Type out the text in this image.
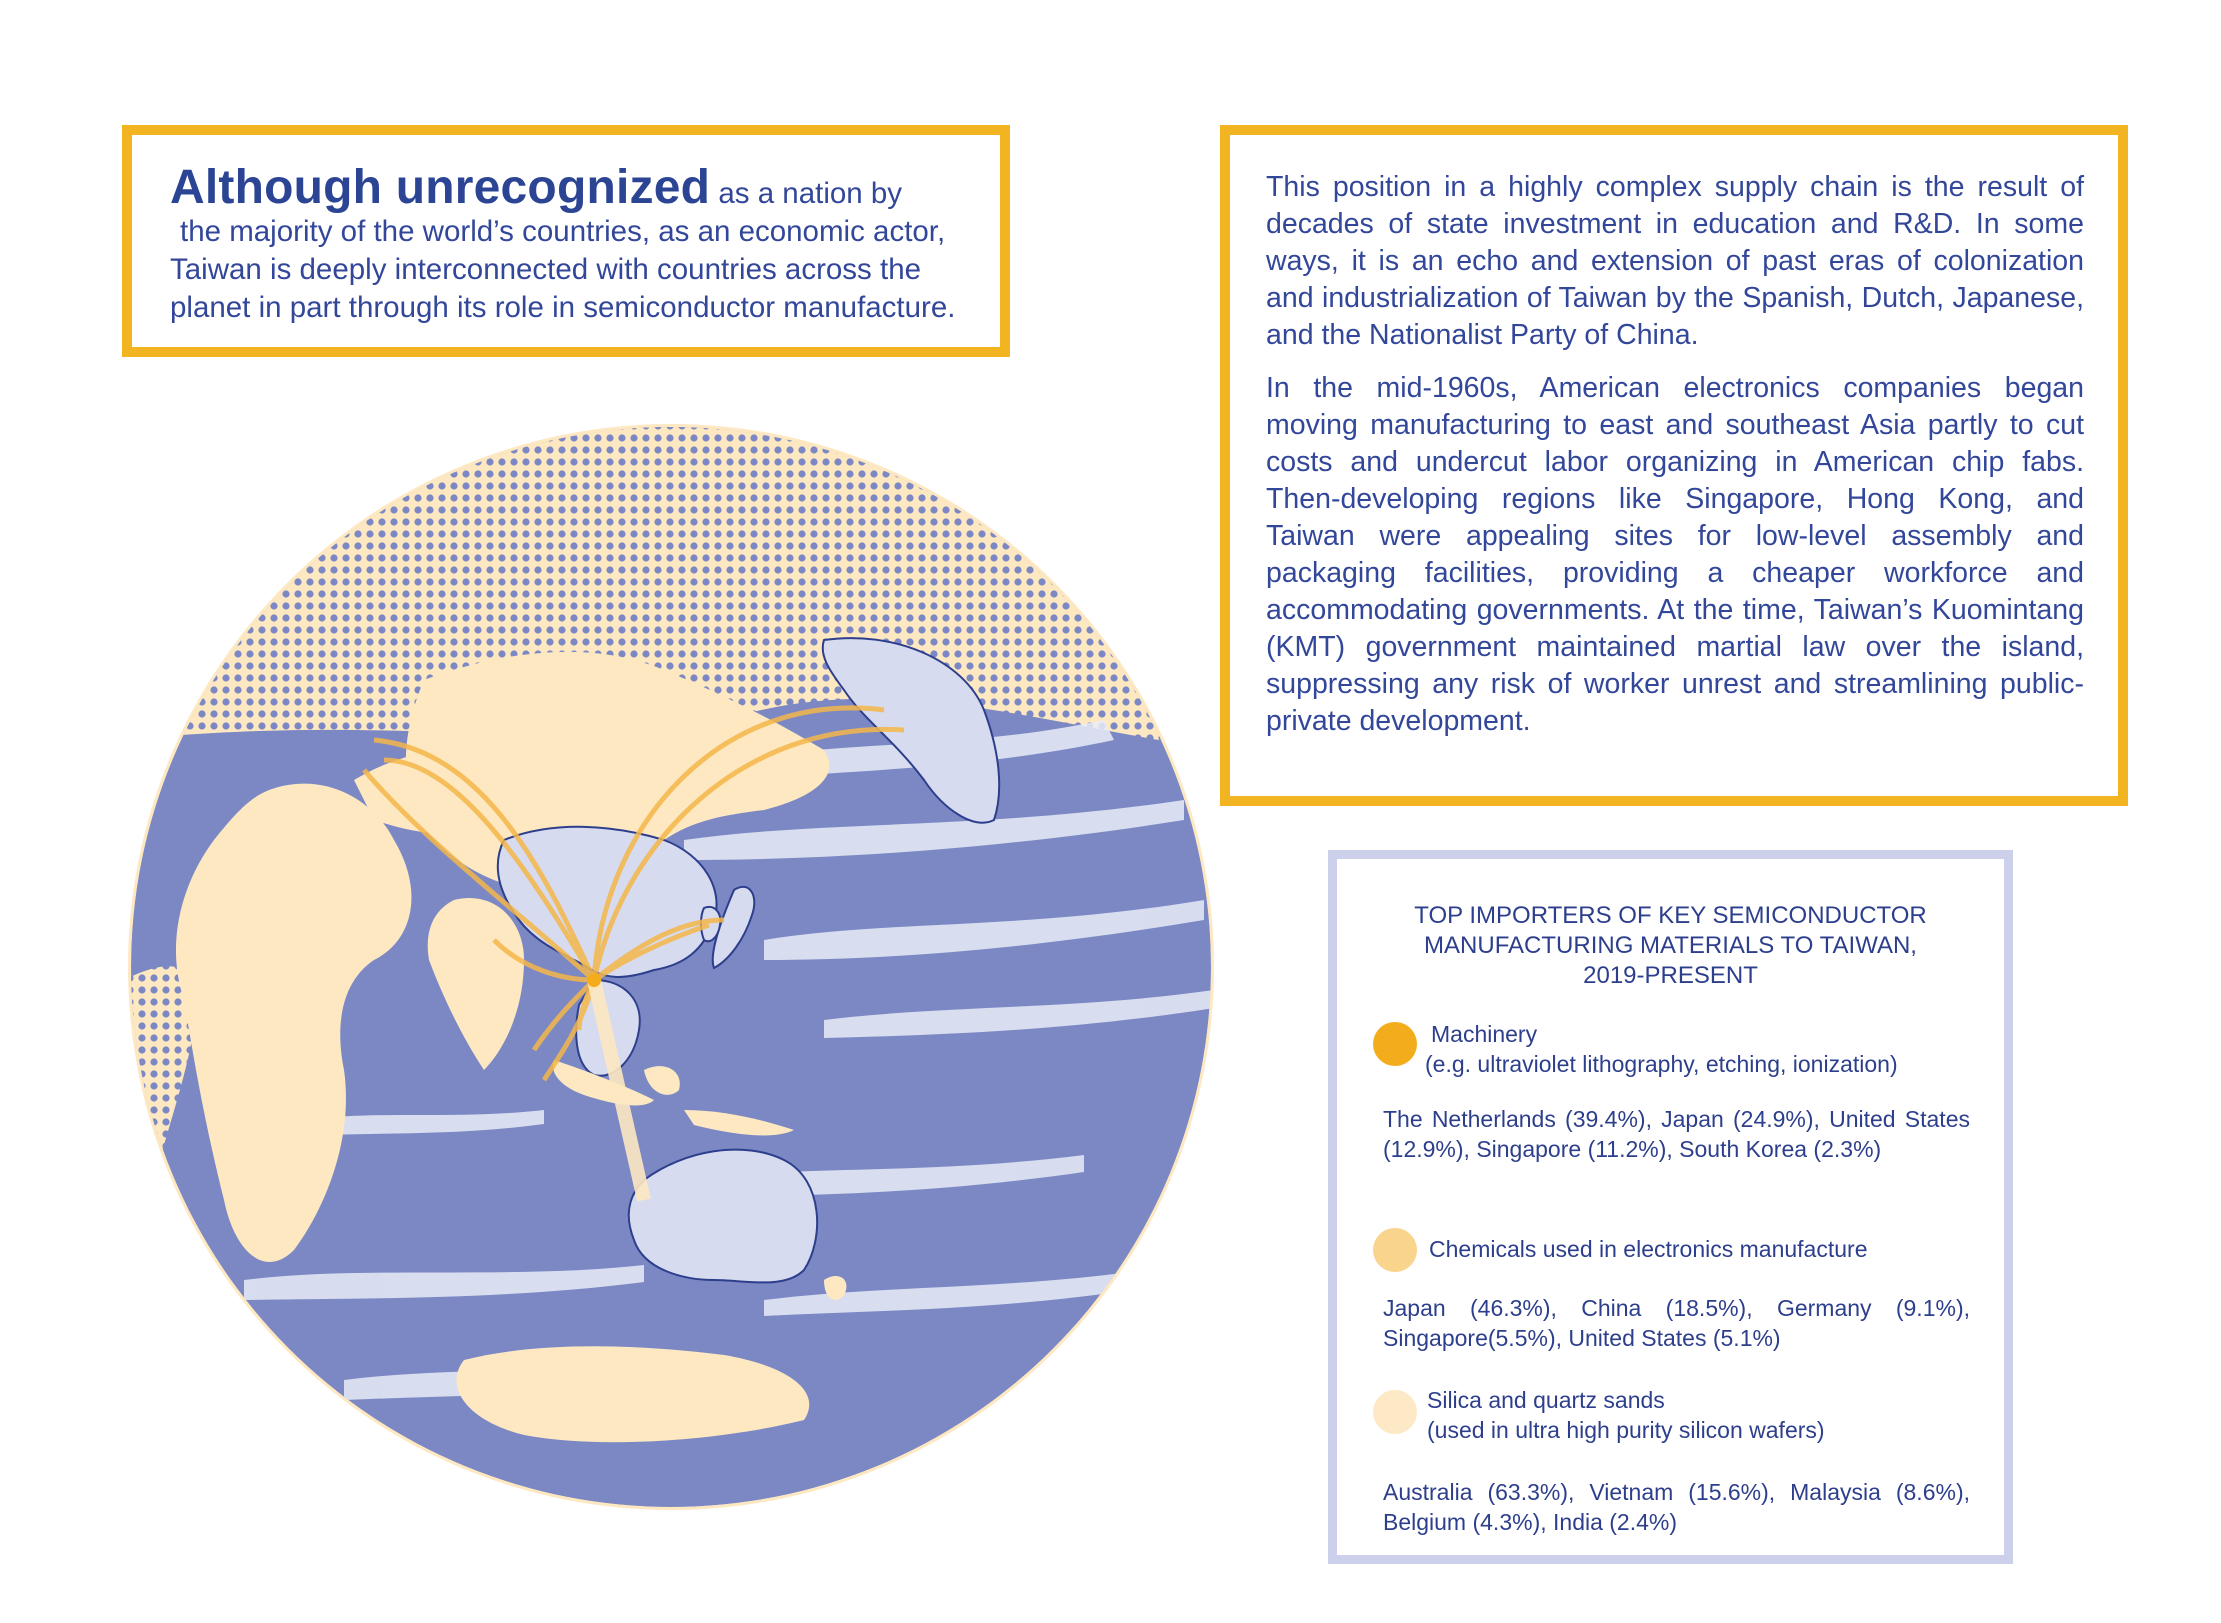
Although unrecognized as a nation by
the majority of the world’s countries, as an economic actor,
Taiwan is deeply interconnected with countries across the
planet in part through its role in semiconductor manufacture.

This position in a highly complex supply chain is the result of decades of state investment in education and R&D. In some ways, it is an echo and extension of past eras of colonization and industrialization of Taiwan by the Spanish, Dutch, Japanese, and the Nationalist Party of China.

In the mid-1960s, American electronics companies began moving manufacturing to east and southeast Asia partly to cut costs and undercut labor organizing in American chip fabs. Then-developing regions like Singapore, Hong Kong, and Taiwan were appealing sites for low-level assembly and packaging facilities, providing a cheaper workforce and accommodating governments. At the time, Taiwan’s Kuomintang (KMT) government maintained martial law over the island, suppressing any risk of worker unrest and streamlining public-private development.

TOP IMPORTERS OF KEY SEMICONDUCTOR
MANUFACTURING MATERIALS TO TAIWAN,
2019-PRESENT
Machinery
(e.g. ultraviolet lithography, etching, ionization)
The Netherlands (39.4%), Japan (24.9%), United States (12.9%), Singapore (11.2%), South Korea (2.3%)
Chemicals used in electronics manufacture
Japan (46.3%), China (18.5%), Germany (9.1%), Singapore(5.5%), United States (5.1%)
Silica and quartz sands
(used in ultra high purity silicon wafers)
Australia (63.3%), Vietnam (15.6%), Malaysia (8.6%), Belgium (4.3%), India (2.4%)
